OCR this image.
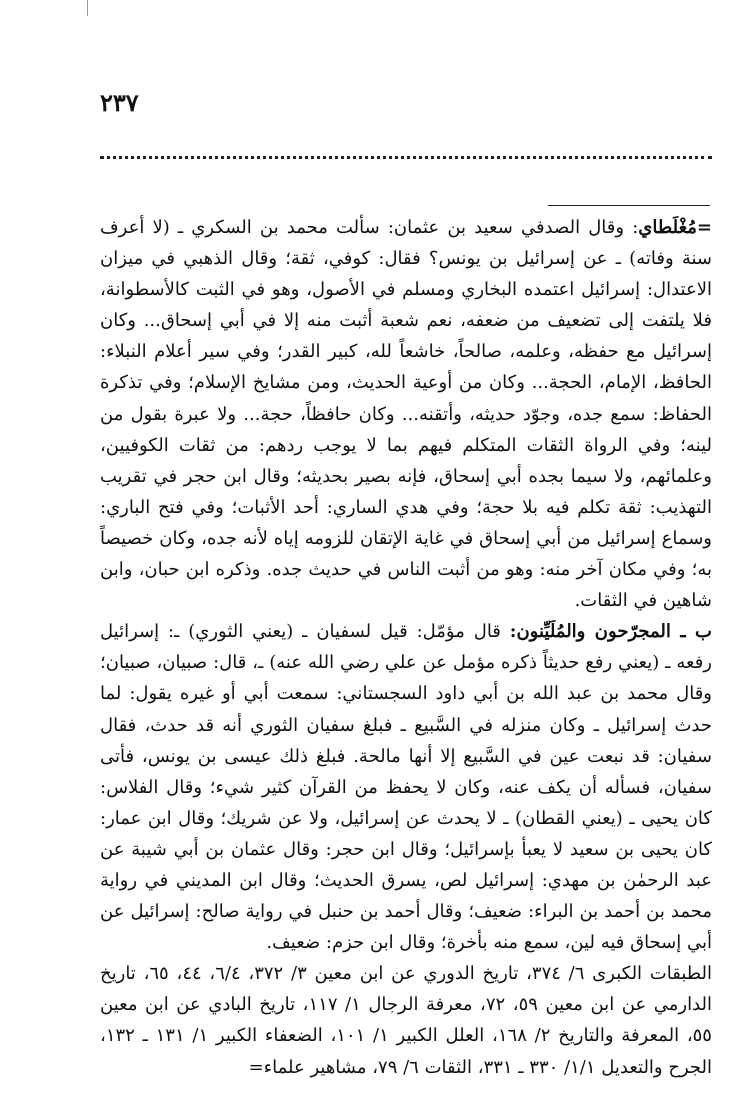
٢٣٧

=مُغْلَطاي: وقال الصدفي سعيد بن عثمان: سألت محمد بن السكري ـ (لا أعرف سنة وفاته) ـ عن إسرائيل بن يونس؟ فقال: كوفي، ثقة؛ وقال الذهبي في ميزان الاعتدال: إسرائيل اعتمده البخاري ومسلم في الأصول، وهو في الثبت كالأسطوانة، فلا يلتفت إلى تضعيف من ضعفه، نعم شعبة أثبت منه إلا في أبي إسحاق... وكان إسرائيل مع حفظه، وعلمه، صالحاً، خاشعاً لله، كبير القدر؛ وفي سير أعلام النبلاء: الحافظ، الإمام، الحجة... وكان من أوعية الحديث، ومن مشايخ الإسلام؛ وفي تذكرة الحفاظ: سمع جده، وجوّد حديثه، وأتقنه... وكان حافظاً، حجة... ولا عبرة بقول من لينه؛ وفي الرواة الثقات المتكلم فيهم بما لا يوجب ردهم: من ثقات الكوفيين، وعلمائهم، ولا سيما بجده أبي إسحاق، فإنه بصير بحديثه؛ وقال ابن حجر في تقريب التهذيب: ثقة تكلم فيه بلا حجة؛ وفي هدي الساري: أحد الأثبات؛ وفي فتح الباري: وسماع إسرائيل من أبي إسحاق في غاية الإتقان للزومه إياه لأنه جده، وكان خصيصاً به؛ وفي مكان آخر منه: وهو من أثبت الناس في حديث جده. وذكره ابن حبان، وابن شاهين في الثقات.

ب ـ المجرّحون والمُلَيِّنون: قال مؤمّل: قيل لسفيان ـ (يعني الثوري) ـ: إسرائيل رفعه ـ (يعني رفع حديثاً ذكره مؤمل عن علي رضي الله عنه) ـ، قال: صبيان، صبيان؛ وقال محمد بن عبد الله بن أبي داود السجستاني: سمعت أبي أو غيره يقول: لما حدث إسرائيل ـ وكان منزله في السَّبيع ـ فبلغ سفيان الثوري أنه قد حدث، فقال سفيان: قد نبعت عين في السَّبيع إلا أنها مالحة. فبلغ ذلك عيسى بن يونس، فأتى سفيان، فسأله أن يكف عنه، وكان لا يحفظ من القرآن كثير شيء؛ وقال الفلاس: كان يحيى ـ (يعني القطان) ـ لا يحدث عن إسرائيل، ولا عن شريك؛ وقال ابن عمار: كان يحيى بن سعيد لا يعبأ بإسرائيل؛ وقال ابن حجر: وقال عثمان بن أبي شيبة عن عبد الرحمٰن بن مهدي: إسرائيل لص، يسرق الحديث؛ وقال ابن المديني في رواية محمد بن أحمد بن البراء: ضعيف؛ وقال أحمد بن حنبل في رواية صالح: إسرائيل عن أبي إسحاق فيه لين، سمع منه بأخرة؛ وقال ابن حزم: ضعيف.

الطبقات الكبرى ٦/ ٣٧٤، تاريخ الدوري عن ابن معين ٣/ ٣٧٢، ٦/٤، ٤٤، ٦٥، تاريخ الدارمي عن ابن معين ٥٩، ٧٢، معرفة الرجال ١/ ١١٧، تاريخ البادي عن ابن معين ٥٥، المعرفة والتاريخ ٢/ ١٦٨، العلل الكبير ١/ ١٠١، الضعفاء الكبير ١/ ١٣١ ـ ١٣٢، الجرح والتعديل ١/١/ ٣٣٠ ـ ٣٣١، الثقات ٦/ ٧٩، مشاهير علماء=
